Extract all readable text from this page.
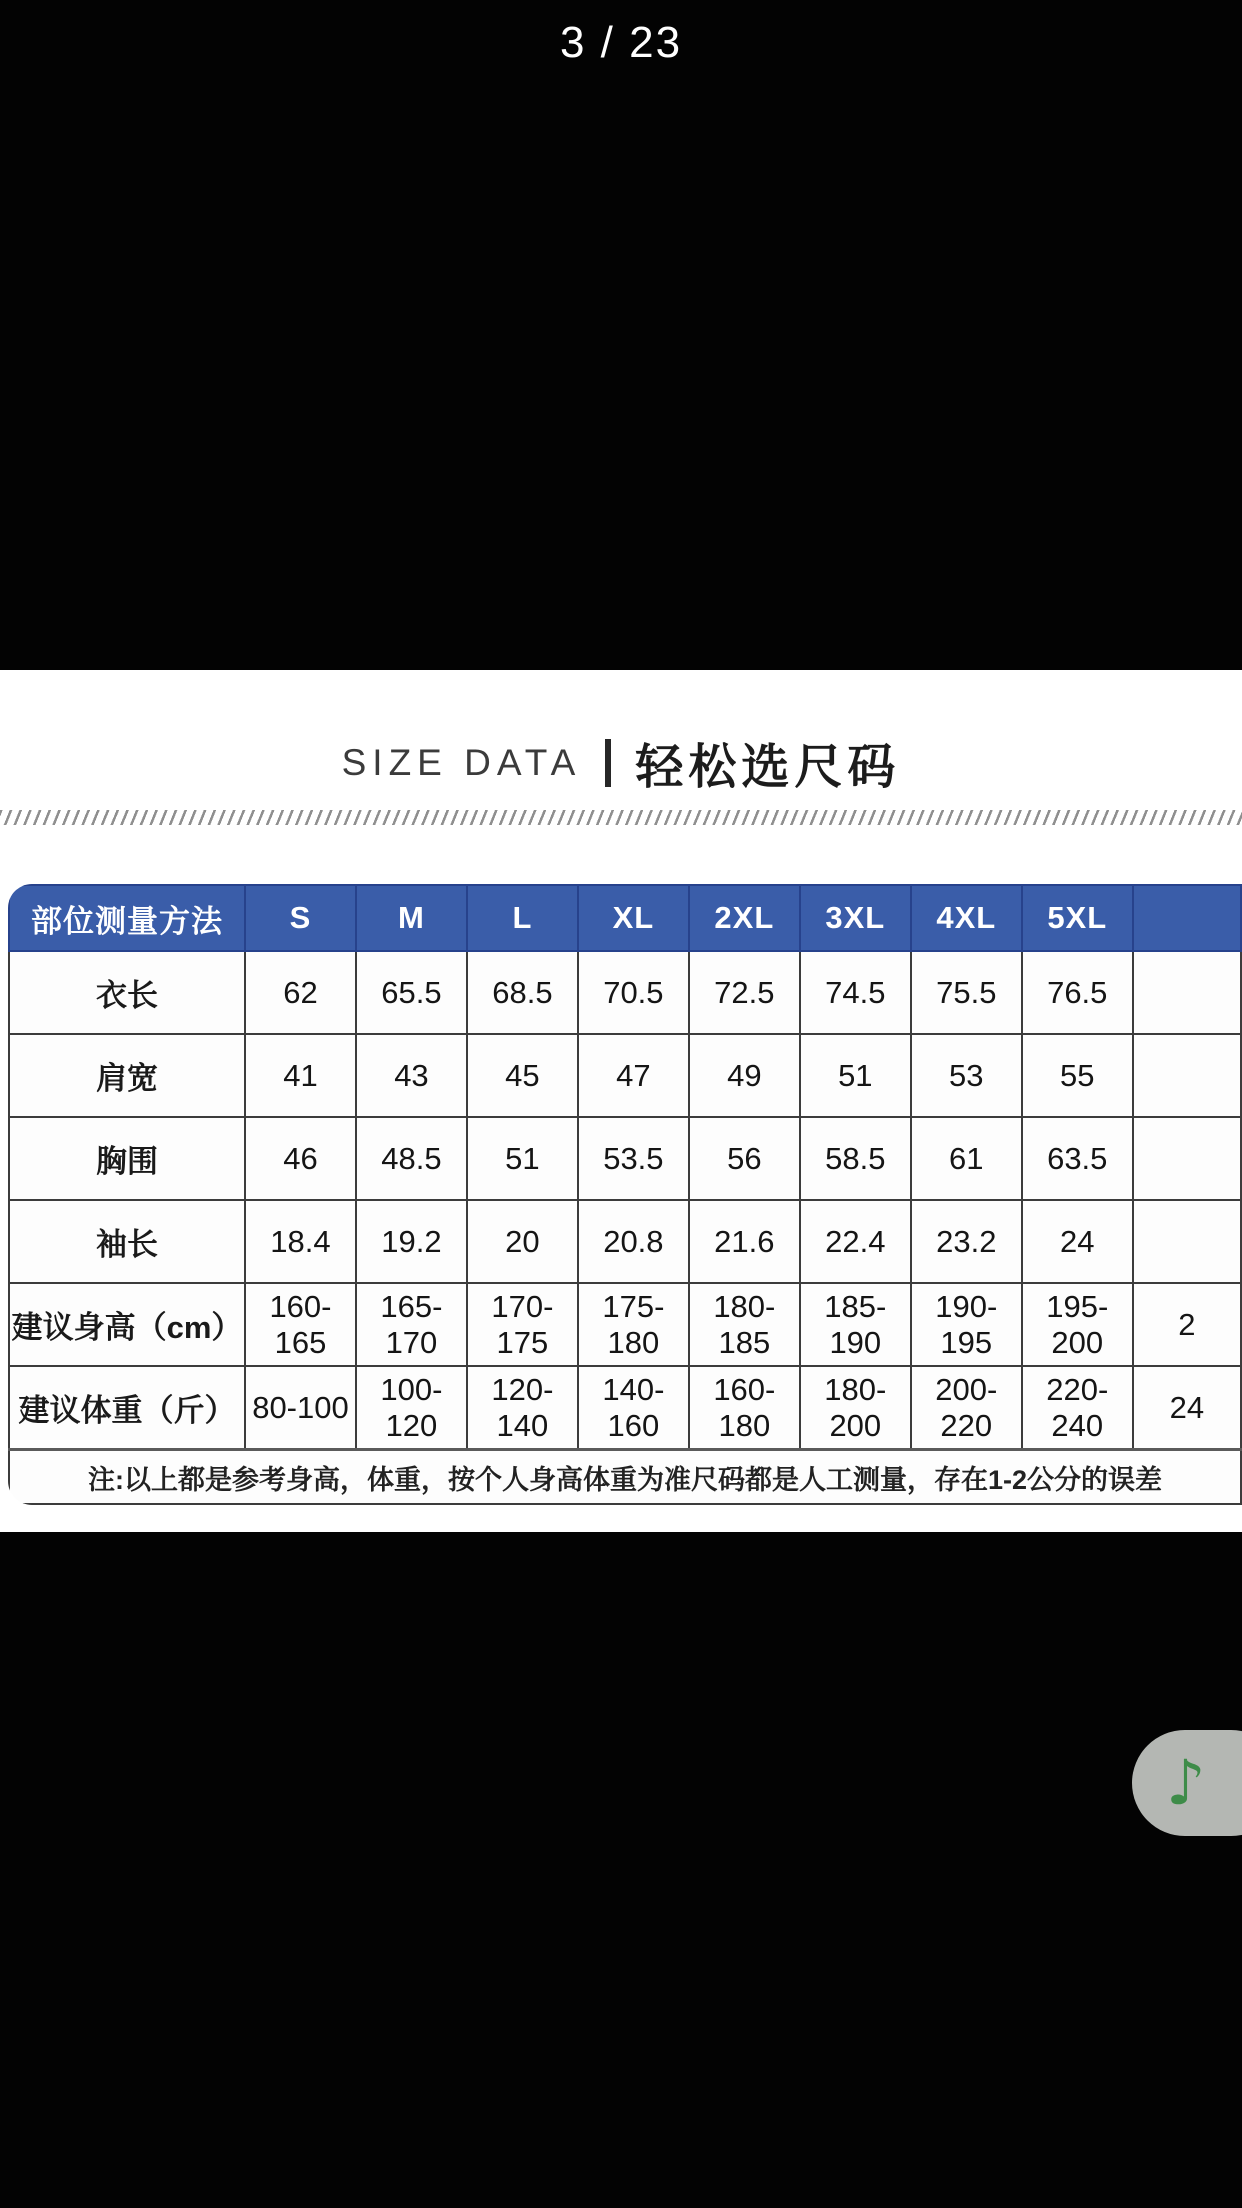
3 / 23
SIZE DATA 轻松选尺码
部位测量方法	S	M	L	XL	2XL	3XL	4XL	5XL	
衣长	62	65.5	68.5	70.5	72.5	74.5	75.5	76.5	
肩宽	41	43	45	47	49	51	53	55	
胸围	46	48.5	51	53.5	56	58.5	61	63.5	
袖长	18.4	19.2	20	20.8	21.6	22.4	23.2	24	
建议身高（cm）	160-165	165-170	170-175	175-180	180-185	185-190	190-195	195-200	2
建议体重（斤）	80-100	100-120	120-140	140-160	160-180	180-200	200-220	220-240	24
注:以上都是参考身高，体重，按个人身高体重为准尺码都是人工测量，存在1-2公分的误差									
♪
